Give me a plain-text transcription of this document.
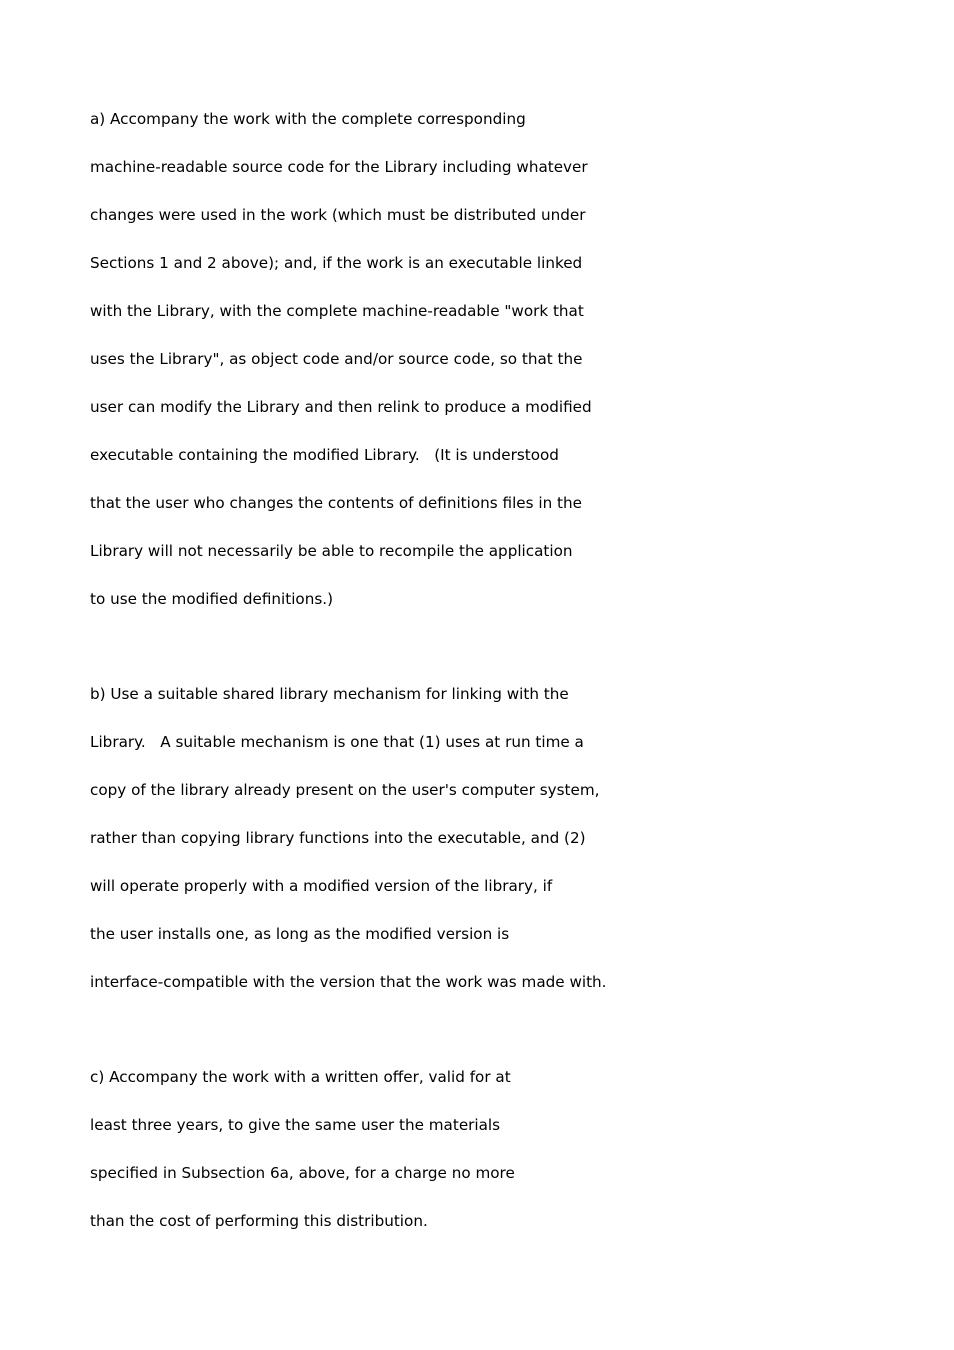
a) Accompany the work with the complete corresponding
machine-readable source code for the Library including whatever
changes were used in the work (which must be distributed under
Sections 1 and 2 above); and, if the work is an executable linked
with the Library, with the complete machine-readable "work that
uses the Library", as object code and/or source code, so that the
user can modify the Library and then relink to produce a modified
executable containing the modified Library.   (It is understood
that the user who changes the contents of definitions files in the
Library will not necessarily be able to recompile the application
to use the modified definitions.)
b) Use a suitable shared library mechanism for linking with the
Library.   A suitable mechanism is one that (1) uses at run time a
copy of the library already present on the user's computer system,
rather than copying library functions into the executable, and (2)
will operate properly with a modified version of the library, if
the user installs one, as long as the modified version is
interface-compatible with the version that the work was made with.
c) Accompany the work with a written offer, valid for at
least three years, to give the same user the materials
specified in Subsection 6a, above, for a charge no more
than the cost of performing this distribution.
